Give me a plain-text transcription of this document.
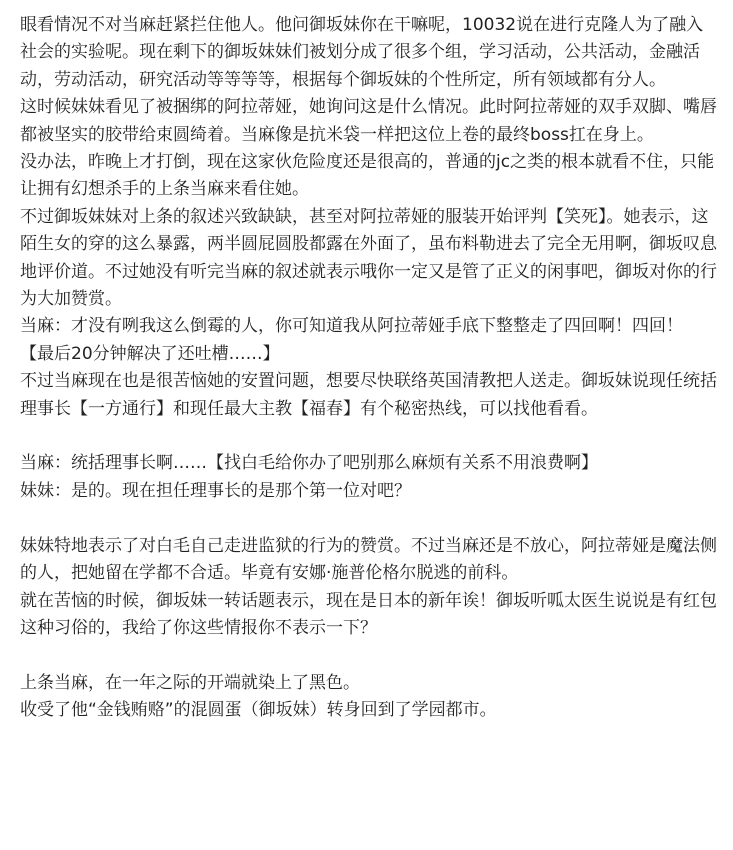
眼看情况不对当麻赶紧拦住他人。他问御坂妹你在干嘛呢，10032说在进行克隆人为了融入社会的实验呢。现在剩下的御坂妹妹们被划分成了很多个组，学习活动，公共活动，金融活动，劳动活动，研究活动等等等等，根据每个御坂妹的个性所定，所有领域都有分人。

这时候妹妹看见了被捆绑的阿拉蒂娅，她询问这是什么情况。此时阿拉蒂娅的双手双脚、嘴唇都被坚实的胶带给束圆绮着。当麻像是抗米袋一样把这位上卷的最终boss扛在身上。

没办法，昨晚上才打倒，现在这家伙危险度还是很高的，普通的jc之类的根本就看不住，只能让拥有幻想杀手的上条当麻来看住她。

不过御坂妹妹对上条的叙述兴致缺缺，甚至对阿拉蒂娅的服装开始评判【笑死】。她表示，这陌生女的穿的这么暴露，两半圆屁圆股都露在外面了，虽布料勒进去了完全无用啊，御坂叹息地评价道。不过她没有听完当麻的叙述就表示哦你一定又是管了正义的闲事吧，御坂对你的行为大加赞赏。

当麻：才没有咧我这么倒霉的人，你可知道我从阿拉蒂娅手底下整整走了四回啊！四回！

【最后20分钟解决了还吐槽……】

不过当麻现在也是很苦恼她的安置问题，想要尽快联络英国清教把人送走。御坂妹说现任统括理事长【一方通行】和现任最大主教【福春】有个秘密热线，可以找他看看。

当麻：统括理事长啊……【找白毛给你办了吧别那么麻烦有关系不用浪费啊】

妹妹：是的。现在担任理事长的是那个第一位对吧？

妹妹特地表示了对白毛自己走进监狱的行为的赞赏。不过当麻还是不放心，阿拉蒂娅是魔法侧的人，把她留在学都不合适。毕竟有安娜·施普伦格尔脱逃的前科。

就在苦恼的时候，御坂妹一转话题表示，现在是日本的新年诶！御坂听呱太医生说说是有红包这种习俗的，我给了你这些情报你不表示一下？

上条当麻，在一年之际的开端就染上了黑色。

收受了他“金钱贿赂”的混圆蛋（御坂妹）转身回到了学园都市。
